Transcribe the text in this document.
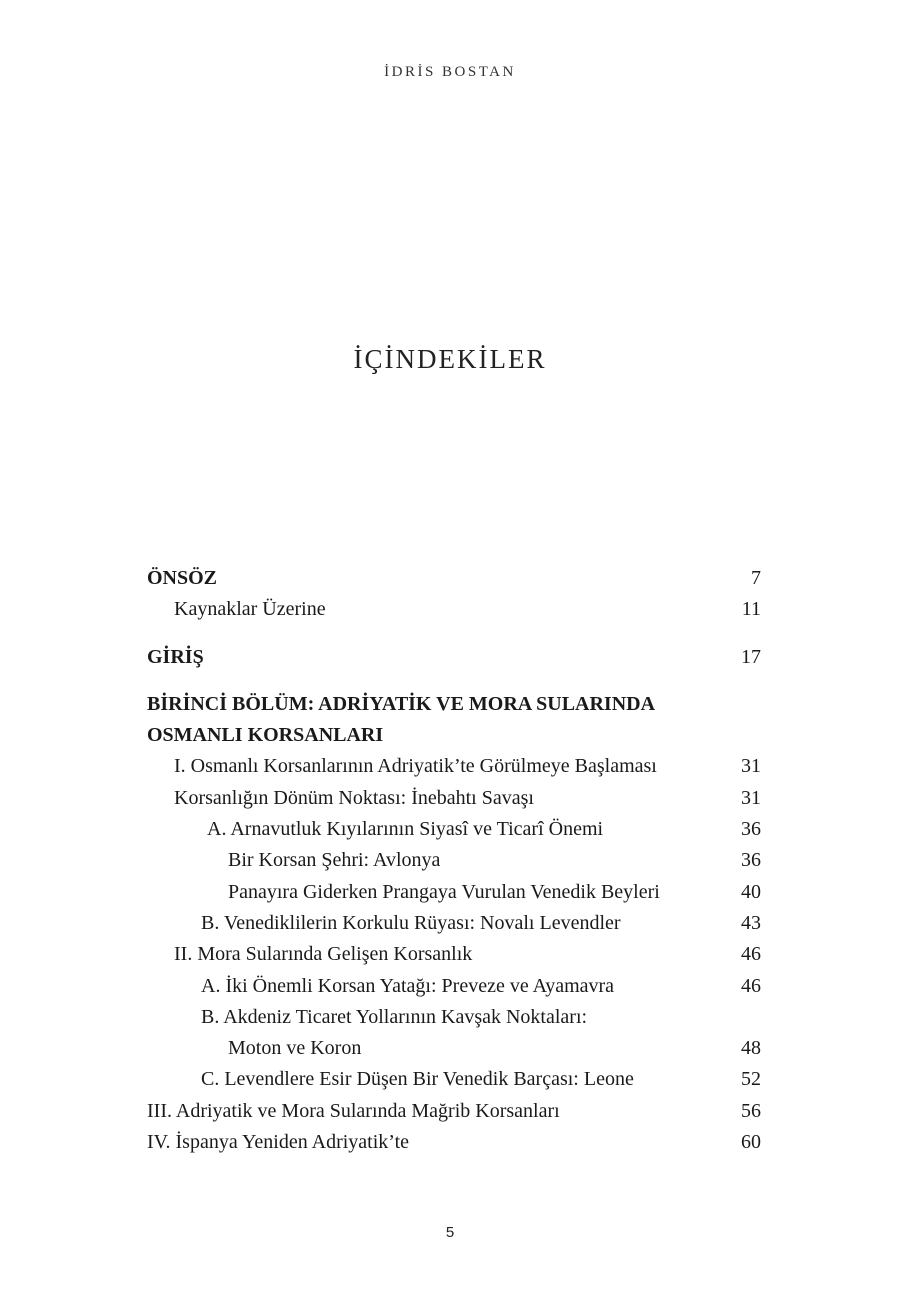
İDRİS BOSTAN
İÇİNDEKİLER
ÖNSÖZ	7
Kaynaklar Üzerine	11
GİRİŞ	17
BİRİNCİ BÖLÜM: ADRİYATİK VE MORA SULARINDA
OSMANLI KORSANLARI
I. Osmanlı Korsanlarının Adriyatik’te Görülmeye Başlaması	31
Korsanlığın Dönüm Noktası: İnebahtı Savaşı	31
A. Arnavutluk Kıyılarının Siyasî ve Ticarî Önemi	36
Bir Korsan Şehri: Avlonya	36
Panayıra Giderken Prangaya Vurulan Venedik Beyleri	40
B. Venediklilerin Korkulu Rüyası: Novalı Levendler	43
II. Mora Sularında Gelişen Korsanlık	46
A. İki Önemli Korsan Yatağı: Preveze ve Ayamavra	46
B. Akdeniz Ticaret Yollarının Kavşak Noktaları:
Moton ve Koron	48
C. Levendlere Esir Düşen Bir Venedik Barçası: Leone	52
III. Adriyatik ve Mora Sularında Mağrib Korsanları	56
IV. İspanya Yeniden Adriyatik’te	60
5
